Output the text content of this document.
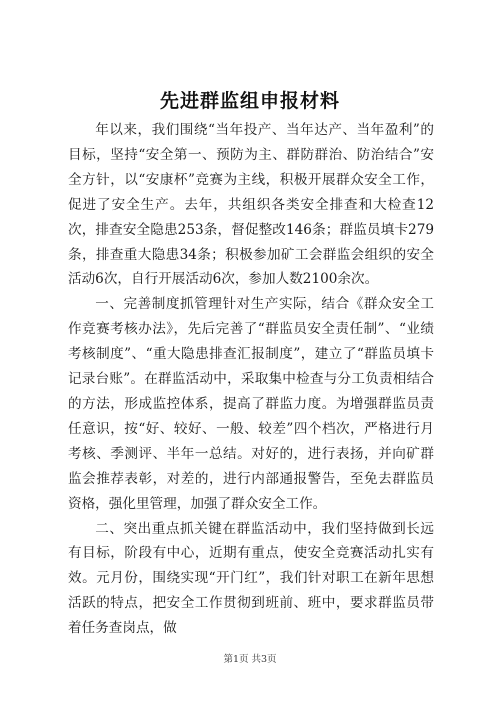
先进群监组申报材料

年以来，我们围绕“当年投产、当年达产、当年盈利”的目标，坚持“安全第一、预防为主、群防群治、防治结合”安全方针，以“安康杯”竞赛为主线，积极开展群众安全工作，促进了安全生产。去年，共组织各类安全排查和大检查12次，排查安全隐患253条，督促整改146条；群监员填卡279条，排查重大隐患34条；积极参加矿工会群监会组织的安全活动6次，自行开展活动6次，参加人数2100余次。

一、完善制度抓管理针对生产实际，结合《群众安全工作竞赛考核办法》，先后完善了“群监员安全责任制”、“业绩考核制度”、“重大隐患排查汇报制度”，建立了“群监员填卡记录台账”。在群监活动中，采取集中检查与分工负责相结合的方法，形成监控体系，提高了群监力度。为增强群监员责任意识，按“好、较好、一般、较差”四个档次，严格进行月考核、季测评、半年一总结。对好的，进行表扬，并向矿群监会推荐表彰，对差的，进行内部通报警告，至免去群监员资格，强化里管理，加强了群众安全工作。

二、突出重点抓关键在群监活动中，我们坚持做到长远有目标，阶段有中心，近期有重点，使安全竞赛活动扎实有效。元月份，围绕实现“开门红”，我们针对职工在新年思想活跃的特点，把安全工作贯彻到班前、班中，要求群监员带着任务查岗点，做

第1页 共3页
